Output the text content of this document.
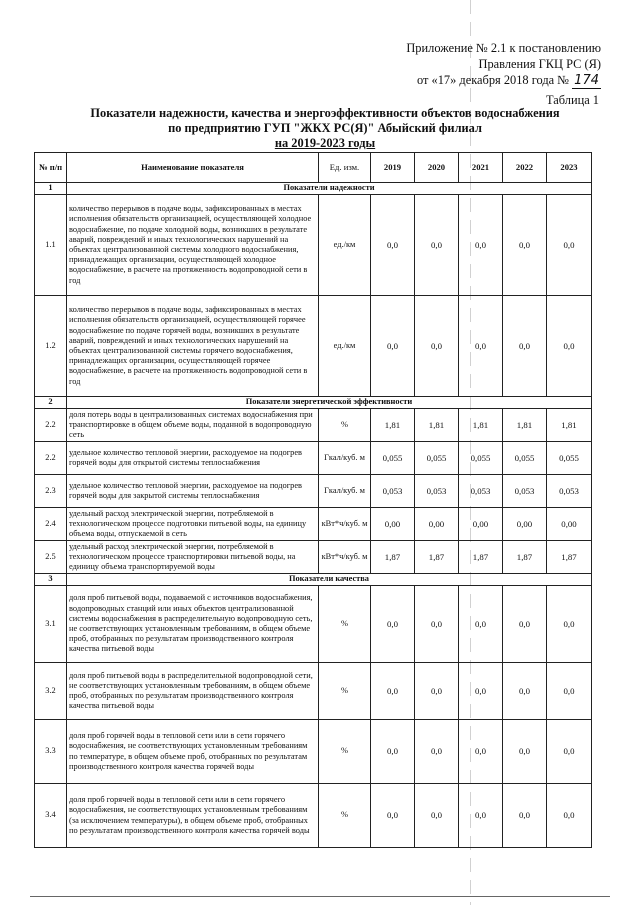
Приложение № 2.1 к постановлению
Правления ГКЦ РС (Я)
от «17» декабря 2018 года № 174
Таблица 1
Показатели надежности, качества и энергоэффективности объектов водоснабжения
по предприятию ГУП "ЖКХ РС(Я)" Абыйский филиал
на 2019-2023 годы
№ п/п	Наименование показателя	Ед. изм.	2019	2020	2021	2022	2023
1	Показатели надежности						
1.1	количество перерывов в подаче воды, зафиксированных в местах исполнения обязательств организацией, осуществляющей холодное водоснабжение, по подаче холодной воды, возникших в результате аварий, повреждений и иных технологических нарушений на объектах централизованной системы холодного водоснабжения, принадлежащих организации, осуществляющей холодное водоснабжение, в расчете на протяженность водопроводной сети в год	ед./км	0,0	0,0	0,0	0,0	0,0
1.2	количество перерывов в подаче воды, зафиксированных в местах исполнения обязательств организацией, осуществляющей горячее водоснабжение по подаче горячей воды, возникших в результате аварий, повреждений и иных технологических нарушений на объектах централизованной системы горячего водоснабжения, принадлежащих организации, осуществляющей горячее водоснабжение, в расчете на протяженность водопроводной сети в год	ед./км	0,0	0,0	0,0	0,0	0,0
2	Показатели энергетической эффективности						
2.2	доля потерь воды в централизованных системах водоснабжения при транспортировке в общем объеме воды, поданной в водопроводную сеть	%	1,81	1,81	1,81	1,81	1,81
2.2	удельное количество тепловой энергии, расходуемое на подогрев горячей воды для открытой системы теплоснабжения	Гкал/куб. м	0,055	0,055	0,055	0,055	0,055
2.3	удельное количество тепловой энергии, расходуемое на подогрев горячей воды для закрытой системы теплоснабжения	Гкал/куб. м	0,053	0,053	0,053	0,053	0,053
2.4	удельный расход электрической энергии, потребляемой в технологическом процессе подготовки питьевой воды, на единицу объема воды, отпускаемой в сеть	кВт*ч/куб. м	0,00	0,00	0,00	0,00	0,00
2.5	удельный расход электрической энергии, потребляемой в технологическом процессе транспортировки питьевой воды, на единицу объема транспортируемой воды	кВт*ч/куб. м	1,87	1,87	1,87	1,87	1,87
3	Показатели качества						
3.1	доля проб питьевой воды, подаваемой с источников водоснабжения, водопроводных станций или иных объектов централизованной системы водоснабжения в распределительную водопроводную сеть, не соответствующих установленным требованиям, в общем объеме проб, отобранных по результатам производственного контроля качества питьевой воды	%	0,0	0,0	0,0	0,0	0,0
3.2	доля проб питьевой воды в распределительной водопроводной сети, не соответствующих установленным требованиям, в общем объеме проб, отобранных по результатам производственного контроля качества питьевой воды	%	0,0	0,0	0,0	0,0	0,0
3.3	доля проб горячей воды в тепловой сети или в сети горячего водоснабжения, не соответствующих установленным требованиям по температуре, в общем объеме проб, отобранных по результатам производственного контроля качества горячей воды	%	0,0	0,0	0,0	0,0	0,0
3.4	доля проб горячей воды в тепловой сети или в сети горячего водоснабжения, не соответствующих установленным требованиям (за исключением температуры), в общем объеме проб, отобранных по результатам производственного контроля качества горячей воды	%	0,0	0,0	0,0	0,0	0,0
